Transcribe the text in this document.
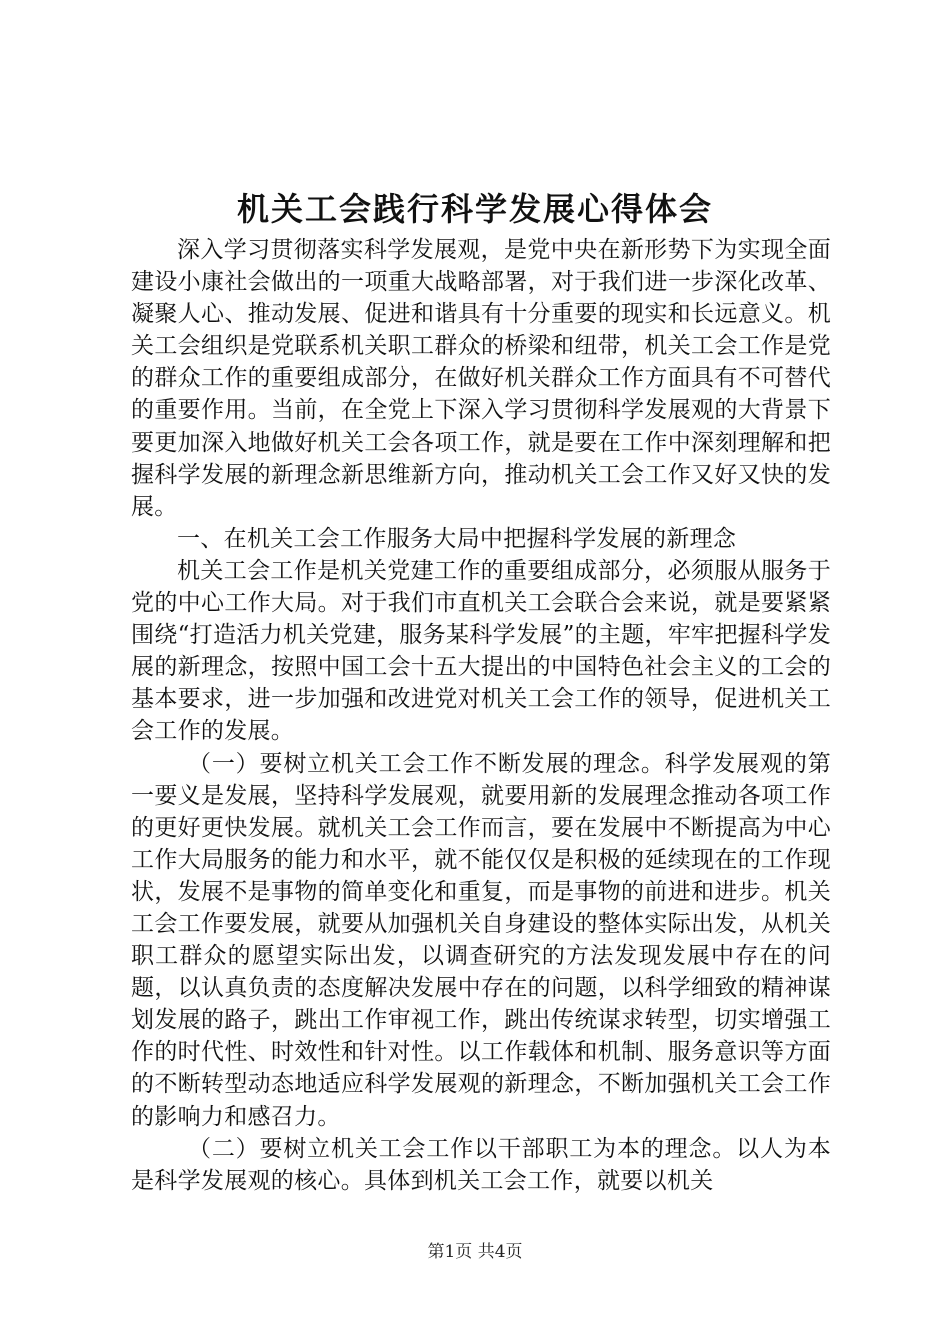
机关工会践行科学发展心得体会

深入学习贯彻落实科学发展观，是党中央在新形势下为实现全面建设小康社会做出的一项重大战略部署，对于我们进一步深化改革、凝聚人心、推动发展、促进和谐具有十分重要的现实和长远意义。机关工会组织是党联系机关职工群众的桥梁和纽带，机关工会工作是党的群众工作的重要组成部分，在做好机关群众工作方面具有不可替代的重要作用。当前，在全党上下深入学习贯彻科学发展观的大背景下要更加深入地做好机关工会各项工作，就是要在工作中深刻理解和把握科学发展的新理念新思维新方向，推动机关工会工作又好又快的发展。

一、在机关工会工作服务大局中把握科学发展的新理念

机关工会工作是机关党建工作的重要组成部分，必须服从服务于党的中心工作大局。对于我们市直机关工会联合会来说，就是要紧紧围绕“打造活力机关党建，服务某科学发展”的主题，牢牢把握科学发展的新理念，按照中国工会十五大提出的中国特色社会主义的工会的基本要求，进一步加强和改进党对机关工会工作的领导，促进机关工会工作的发展。

（一）要树立机关工会工作不断发展的理念。科学发展观的第一要义是发展，坚持科学发展观，就要用新的发展理念推动各项工作的更好更快发展。就机关工会工作而言，要在发展中不断提高为中心工作大局服务的能力和水平，就不能仅仅是积极的延续现在的工作现状，发展不是事物的简单变化和重复，而是事物的前进和进步。机关工会工作要发展，就要从加强机关自身建设的整体实际出发，从机关职工群众的愿望实际出发，以调查研究的方法发现发展中存在的问题，以认真负责的态度解决发展中存在的问题，以科学细致的精神谋划发展的路子，跳出工作审视工作，跳出传统谋求转型，切实增强工作的时代性、时效性和针对性。以工作载体和机制、服务意识等方面的不断转型动态地适应科学发展观的新理念，不断加强机关工会工作的影响力和感召力。

（二）要树立机关工会工作以干部职工为本的理念。以人为本是科学发展观的核心。具体到机关工会工作，就要以机关

第1页 共4页
